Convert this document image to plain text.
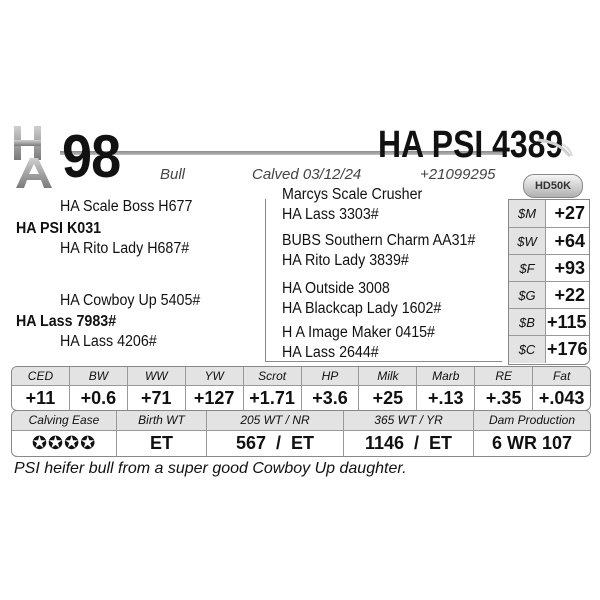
98	HA PSI 4389
Bull	Calved 03/12/24	+21099295
HD50K
HA Scale Boss H677
HA PSI K031
HA Rito Lady H687#
HA Cowboy Up 5405#
HA Lass 7983#
HA Lass 4206#
Marcys Scale Crusher
HA Lass 3303#
BUBS Southern Charm AA31#
HA Rito Lady 3839#
HA Outside 3008
HA Blackcap Lady 1602#
H A Image Maker 0415#
HA Lass 2644#
$M	+27
$W +64
$F	+93
$G	+22
$B +115
$C +176
CED	BW	WW	YW	Scrot	HP	Milk	Marb	RE	Fat
+11	+0.6	+71	+127 +1.71 +3.6	+25	+.13	+.35 +.043
Calving Ease	Birth WT	205 WT / NR	365 WT / YR	Dam Production
✪✪✪✪	ET	567  /  ET	1146  /  ET	6 WR 107
PSI heifer bull from a super good Cowboy Up daughter.
